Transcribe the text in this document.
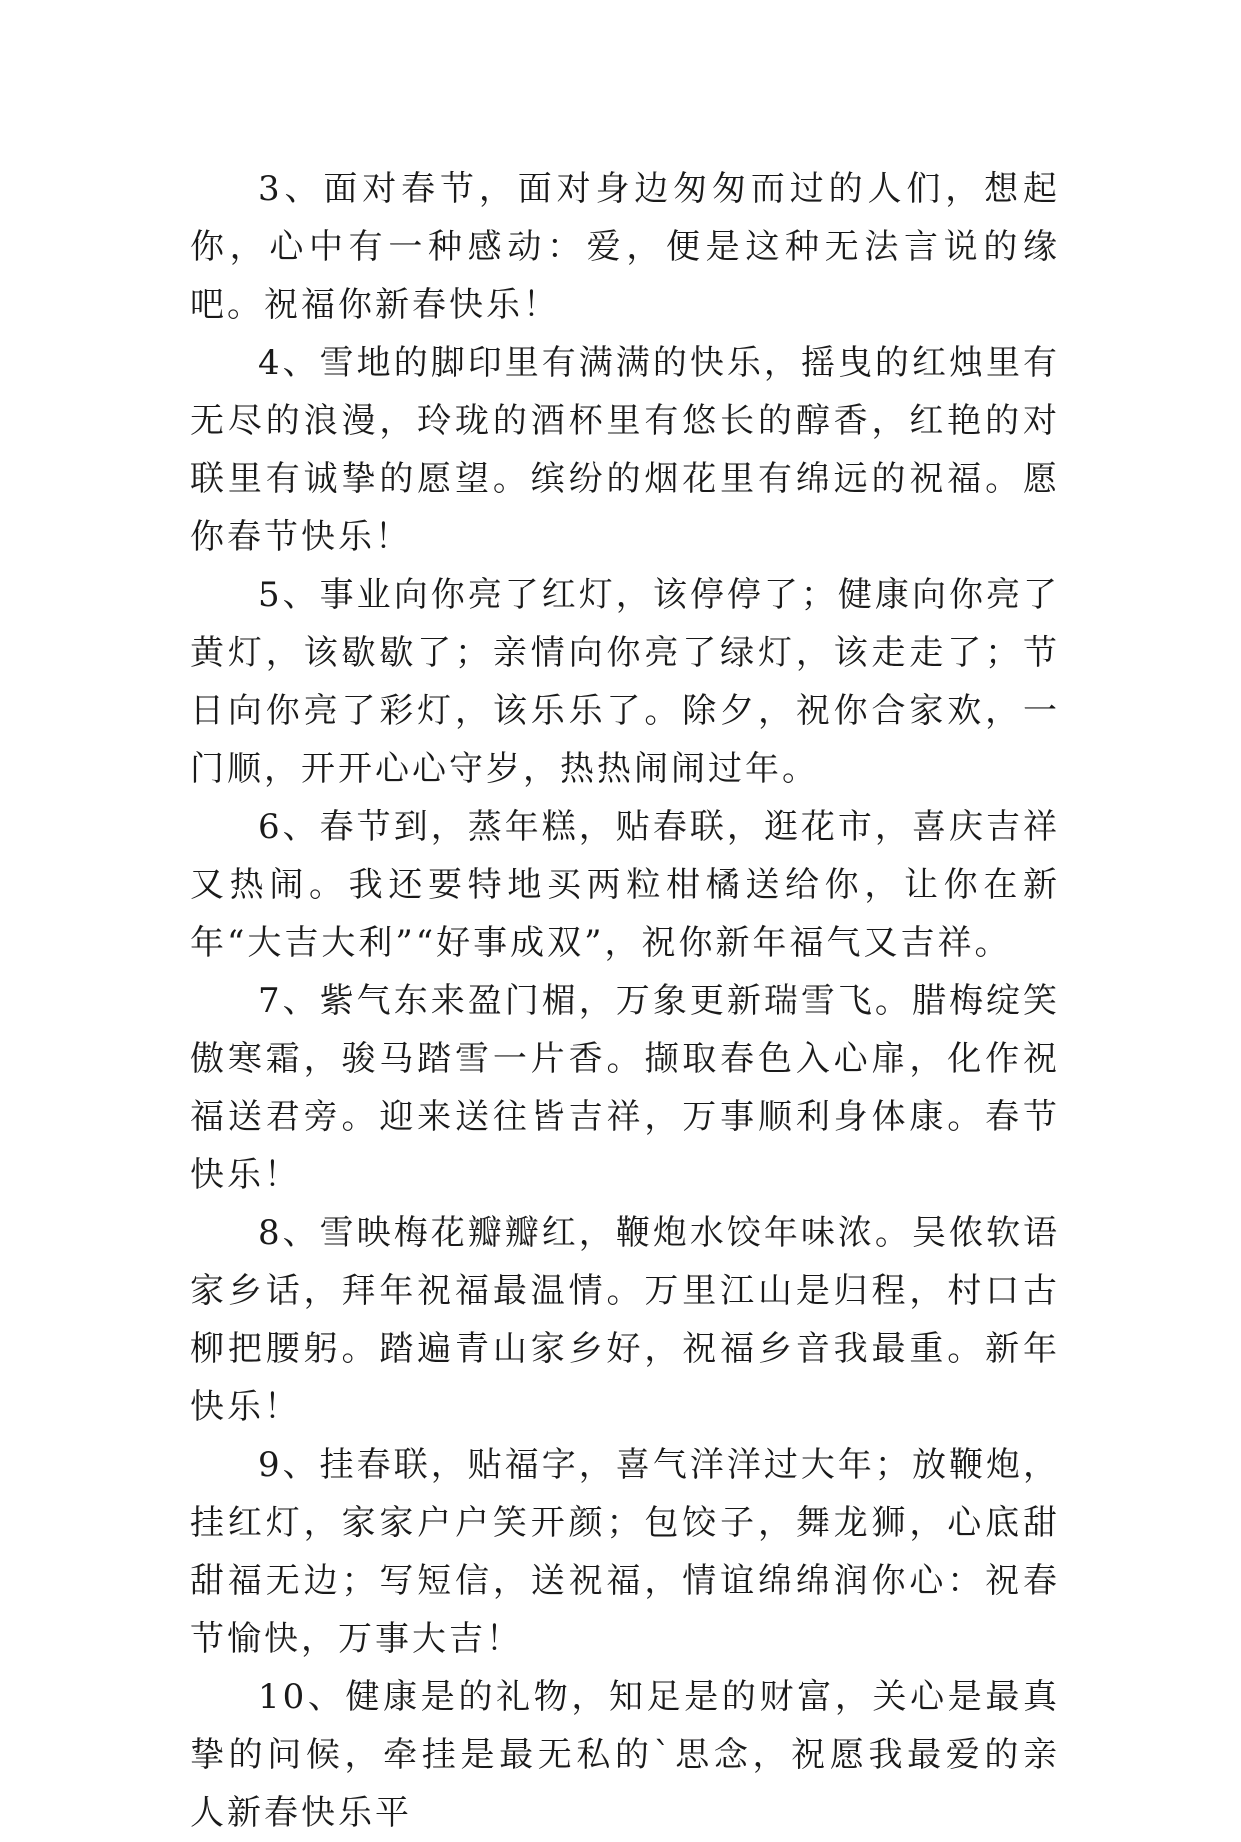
3、面对春节，面对身边匆匆而过的人们，想起你，心中有一种感动：爱，便是这种无法言说的缘吧。祝福你新春快乐！

4、雪地的脚印里有满满的快乐，摇曳的红烛里有无尽的浪漫，玲珑的酒杯里有悠长的醇香，红艳的对联里有诚挚的愿望。缤纷的烟花里有绵远的祝福。愿你春节快乐！

5、事业向你亮了红灯，该停停了；健康向你亮了黄灯，该歇歇了；亲情向你亮了绿灯，该走走了；节日向你亮了彩灯，该乐乐了。除夕，祝你合家欢，一门顺，开开心心守岁，热热闹闹过年。

6、春节到，蒸年糕，贴春联，逛花市，喜庆吉祥又热闹。我还要特地买两粒柑橘送给你，让你在新年“大吉大利”“好事成双”，祝你新年福气又吉祥。

7、紫气东来盈门楣，万象更新瑞雪飞。腊梅绽笑傲寒霜，骏马踏雪一片香。撷取春色入心扉，化作祝福送君旁。迎来送往皆吉祥，万事顺利身体康。春节快乐！

8、雪映梅花瓣瓣红，鞭炮水饺年味浓。吴侬软语家乡话，拜年祝福最温情。万里江山是归程，村口古柳把腰躬。踏遍青山家乡好，祝福乡音我最重。新年快乐！

9、挂春联，贴福字，喜气洋洋过大年；放鞭炮，挂红灯，家家户户笑开颜；包饺子，舞龙狮，心底甜甜福无边；写短信，送祝福，情谊绵绵润你心：祝春节愉快，万事大吉！

10、健康是的礼物，知足是的财富，关心是最真挚的问候，牵挂是最无私的`思念，祝愿我最爱的亲人新春快乐平
